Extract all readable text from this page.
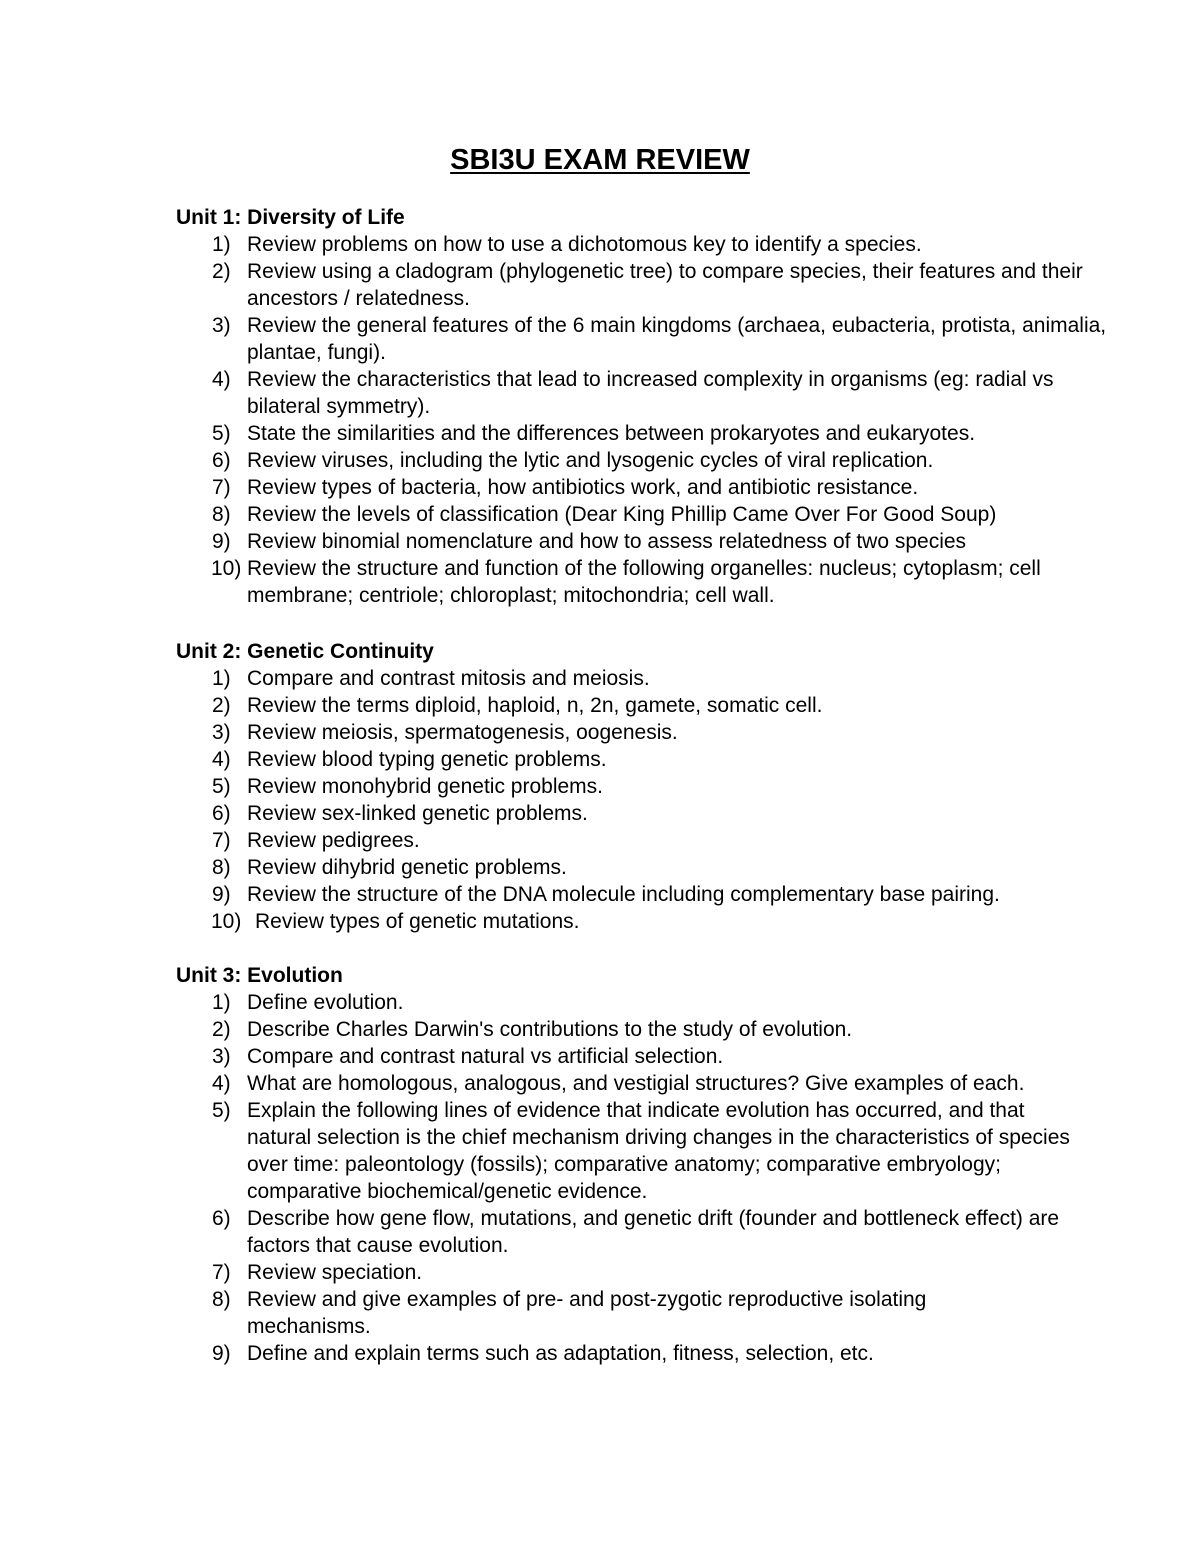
SBI3U EXAM REVIEW
Unit 1: Diversity of Life
1) Review problems on how to use a dichotomous key to identify a species.
2) Review using a cladogram (phylogenetic tree) to compare species, their features and their ancestors / relatedness.
3) Review the general features of the 6 main kingdoms (archaea, eubacteria, protista, animalia, plantae, fungi).
4) Review the characteristics that lead to increased complexity in organisms (eg: radial vs bilateral symmetry).
5) State the similarities and the differences between prokaryotes and eukaryotes.
6) Review viruses, including the lytic and lysogenic cycles of viral replication.
7) Review types of bacteria, how antibiotics work, and antibiotic resistance.
8) Review the levels of classification (Dear King Phillip Came Over For Good Soup)
9) Review binomial nomenclature and how to assess relatedness of two species
10) Review the structure and function of the following organelles: nucleus; cytoplasm; cell membrane; centriole; chloroplast; mitochondria; cell wall.
Unit 2: Genetic Continuity
1) Compare and contrast mitosis and meiosis.
2) Review the terms diploid, haploid, n, 2n, gamete, somatic cell.
3) Review meiosis, spermatogenesis, oogenesis.
4) Review blood typing genetic problems.
5) Review monohybrid genetic problems.
6) Review sex-linked genetic problems.
7) Review pedigrees.
8) Review dihybrid genetic problems.
9) Review the structure of the DNA molecule including complementary base pairing.
10) Review types of genetic mutations.
Unit 3: Evolution
1) Define evolution.
2) Describe Charles Darwin's contributions to the study of evolution.
3) Compare and contrast natural vs artificial selection.
4) What are homologous, analogous, and vestigial structures? Give examples of each.
5) Explain the following lines of evidence that indicate evolution has occurred, and that natural selection is the chief mechanism driving changes in the characteristics of species over time: paleontology (fossils); comparative anatomy; comparative embryology; comparative biochemical/genetic evidence.
6) Describe how gene flow, mutations, and genetic drift (founder and bottleneck effect) are factors that cause evolution.
7) Review speciation.
8) Review and give examples of pre- and post-zygotic reproductive isolating mechanisms.
9) Define and explain terms such as adaptation, fitness, selection, etc.
